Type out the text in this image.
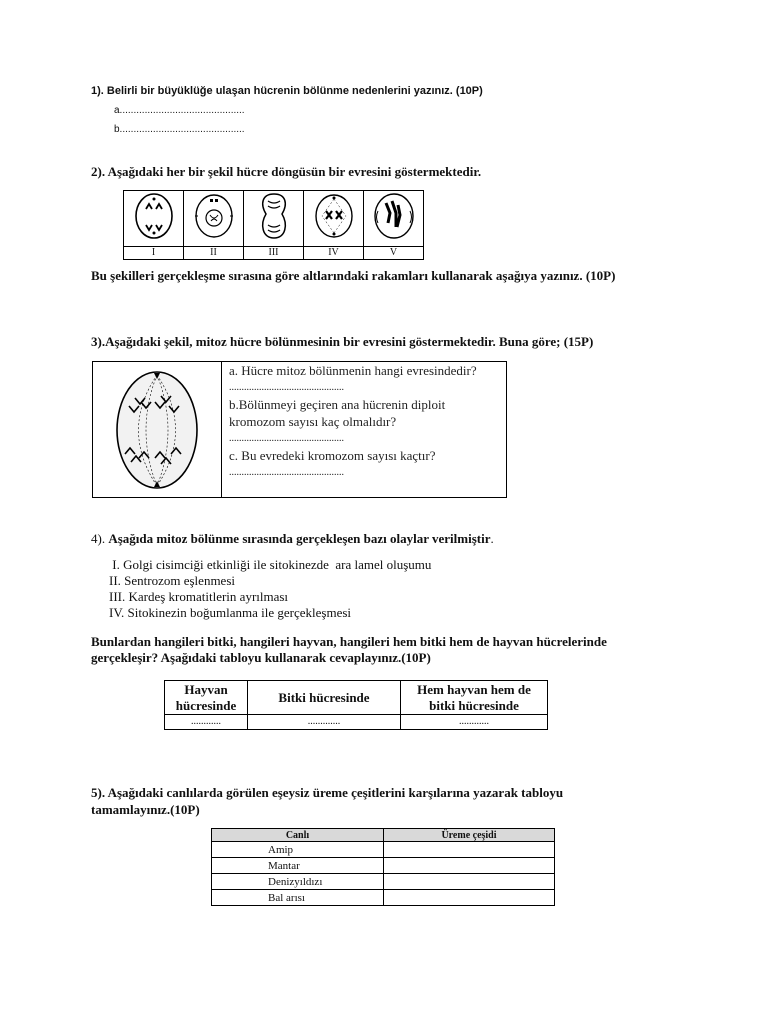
1). Belirli bir büyüklüğe ulaşan hücrenin bölünme nedenlerini yazınız. (10P)
a.............................................
b.............................................
2). Aşağıdaki her bir şekil hücre döngüsün bir evresini göstermektedir.

I	II	III	IV	V
Bu şekilleri gerçekleşme sırasına göre altlarındaki rakamları kullanarak aşağıya yazınız. (10P)
3).Aşağıdaki şekil, mitoz hücre bölünmesinin bir evresini göstermektedir. Buna göre; (15P)
a. Hücre mitoz bölünmenin hangi evresindedir?
..............................................
b.Bölünmeyi geçiren ana hücrenin diploit
kromozom sayısı kaç olmalıdır?
..............................................
c. Bu evredeki kromozom sayısı kaçtır?
..............................................
4). Aşağıda mitoz bölünme sırasında gerçekleşen bazı olaylar verilmiştir.
I. Golgi cisimciği etkinliği ile sitokinezde  ara lamel oluşumu
II. Sentrozom eşlenmesi
III. Kardeş kromatitlerin ayrılması
IV. Sitokinezin boğumlanma ile gerçekleşmesi
Bunlardan hangileri bitki, hangileri hayvan, hangileri hem bitki hem de hayvan hücrelerinde
gerçekleşir? Aşağıdaki tabloyu kullanarak cevaplayınız.(10P)
Hayvan
hücresinde	Bitki hücresinde	Hem hayvan hem de
bitki hücresinde
............	.............	............
5). Aşağıdaki canlılarda görülen eşeysiz üreme çeşitlerini karşılarına yazarak tabloyu
tamamlayınız.(10P)
Canlı	Üreme çeşidi
Amip	
Mantar	
Denizyıldızı	
Bal arısı	
